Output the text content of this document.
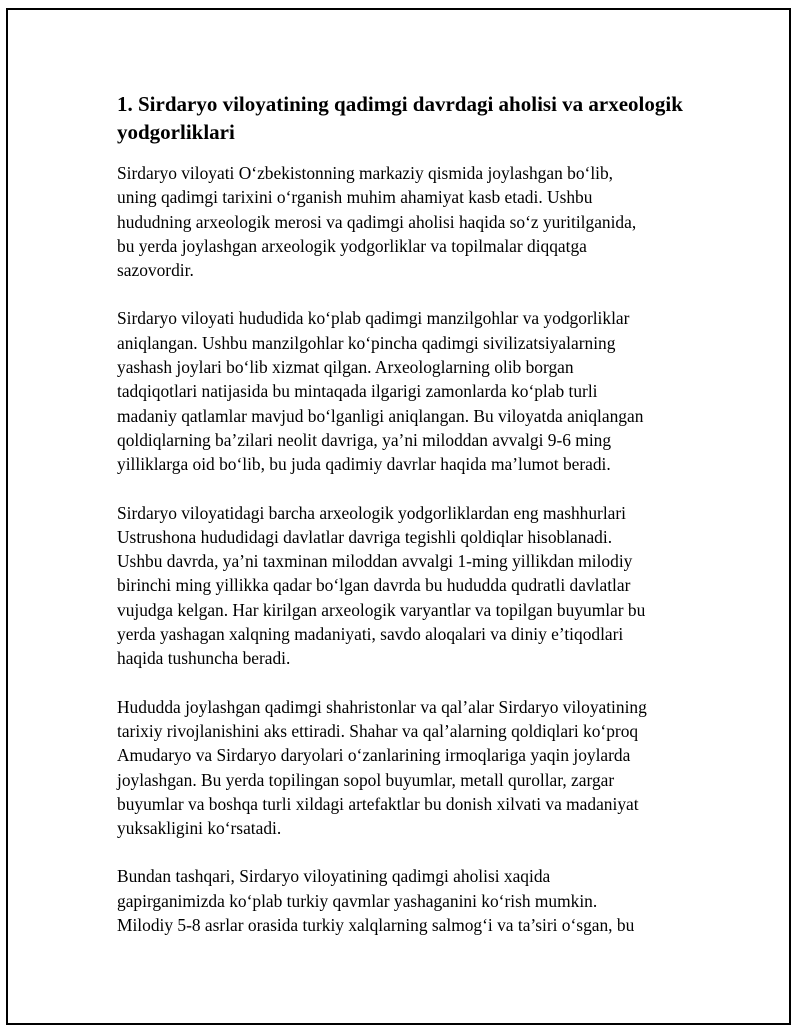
1. Sirdaryo viloyatining qadimgi davrdagi aholisi va arxeologik yodgorliklari

Sirdaryo viloyati O‘zbekistonning markaziy qismida joylashgan bo‘lib,
uning qadimgi tarixini o‘rganish muhim ahamiyat kasb etadi. Ushbu
hududning arxeologik merosi va qadimgi aholisi haqida so‘z yuritilganida,
bu yerda joylashgan arxeologik yodgorliklar va topilmalar diqqatga
sazovordir.

Sirdaryo viloyati hududida ko‘plab qadimgi manzilgohlar va yodgorliklar
aniqlangan. Ushbu manzilgohlar ko‘pincha qadimgi sivilizatsiyalarning
yashash joylari bo‘lib xizmat qilgan. Arxeologlarning olib borgan
tadqiqotlari natijasida bu mintaqada ilgarigi zamonlarda ko‘plab turli
madaniy qatlamlar mavjud bo‘lganligi aniqlangan. Bu viloyatda aniqlangan
qoldiqlarning ba’zilari neolit davriga, ya’ni miloddan avvalgi 9-6 ming
yilliklarga oid bo‘lib, bu juda qadimiy davrlar haqida ma’lumot beradi.

Sirdaryo viloyatidagi barcha arxeologik yodgorliklardan eng mashhurlari
Ustrushona hududidagi davlatlar davriga tegishli qoldiqlar hisoblanadi.
Ushbu davrda, ya’ni taxminan miloddan avvalgi 1-ming yillikdan milodiy
birinchi ming yillikka qadar bo‘lgan davrda bu hududda qudratli davlatlar
vujudga kelgan. Har kirilgan arxeologik varyantlar va topilgan buyumlar bu
yerda yashagan xalqning madaniyati, savdo aloqalari va diniy e’tiqodlari
haqida tushuncha beradi.

Hududda joylashgan qadimgi shahristonlar va qal’alar Sirdaryo viloyatining
tarixiy rivojlanishini aks ettiradi. Shahar va qal’alarning qoldiqlari ko‘proq
Amudaryo va Sirdaryo daryolari o‘zanlarining irmoqlariga yaqin joylarda
joylashgan. Bu yerda topilingan sopol buyumlar, metall qurollar, zargar
buyumlar va boshqa turli xildagi artefaktlar bu donish xilvati va madaniyat
yuksakligini ko‘rsatadi.

Bundan tashqari, Sirdaryo viloyatining qadimgi aholisi xaqida
gapirganimizda ko‘plab turkiy qavmlar yashaganini ko‘rish mumkin.
Milodiy 5-8 asrlar orasida turkiy xalqlarning salmog‘i va ta’siri o‘sgan, bu
